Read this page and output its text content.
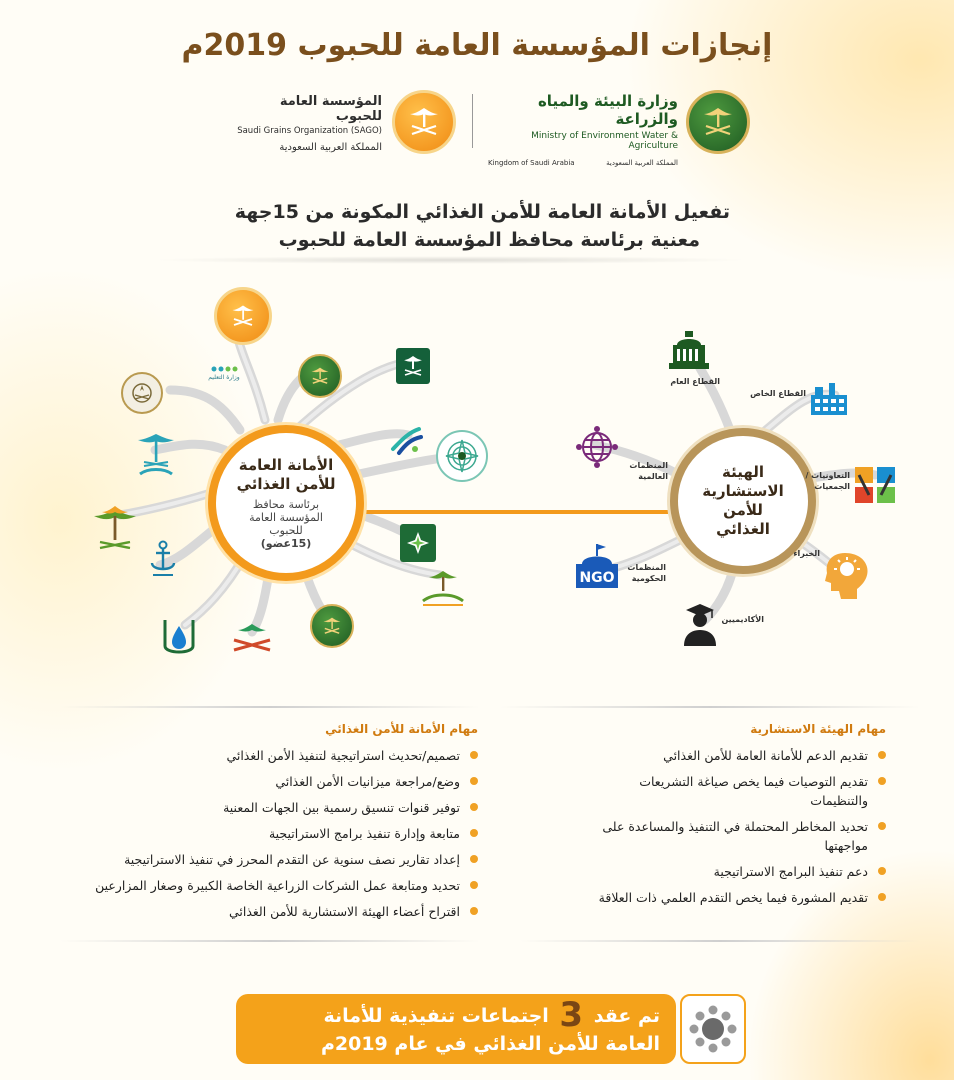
إنجازات المؤسسة العامة للحبوب 2019م
وزارة البيئة والمياه والزراعة
Ministry of Environment Water & Agriculture
Kingdom of Saudi Arabia	المملكة العربية السعودية
المؤسسة العامة للحبوب
Saudi Grains Organization (SAGO)
المملكة العربية السعودية
تفعيل الأمانة العامة للأمن الغذائي المكونة من 15جهة
معنية برئاسة محافظ المؤسسة العامة للحبوب
الأمانة العامة
للأمن الغذائي
برئاسة محافظ
المؤسسة العامة
للحبوب
(15عضو)
الهيئة
الاستشارية
للأمن
الغذائي
وزارة التعليم	القطاع العام
القطاع الخاص
التعاونيات / الجمعيات
الخبراء
الأكاديميين
NGO
المنظمات الحكومية
المنظمات العالمية
مهام الهيئة الاستشارية
تقديم الدعم للأمانة العامة للأمن الغذائي
تقديم التوصيات فيما يخص صياغة التشريعات والتنظيمات
تحديد المخاطر المحتملة في التنفيذ والمساعدة على مواجهتها
دعم تنفيذ البرامج الاستراتيجية
تقديم المشورة فيما يخص التقدم العلمي ذات العلاقة
مهام الأمانة للأمن الغذائي
تصميم/تحديث استراتيجية لتنفيذ الأمن الغذائي
وضع/مراجعة ميزانيات الأمن الغذائي
توفير قنوات تنسيق رسمية بين الجهات المعنية
متابعة وإدارة تنفيذ برامج الاستراتيجية
إعداد تقارير نصف سنوية عن التقدم المحرز في تنفيذ الاستراتيجية
تحديد ومتابعة عمل الشركات الزراعية الخاصة الكبيرة وصغار المزارعين
اقتراح أعضاء الهيئة الاستشارية للأمن الغذائي
تم عقد 3 اجتماعات تنفيذية للأمانة
العامة للأمن الغذائي في عام 2019م
